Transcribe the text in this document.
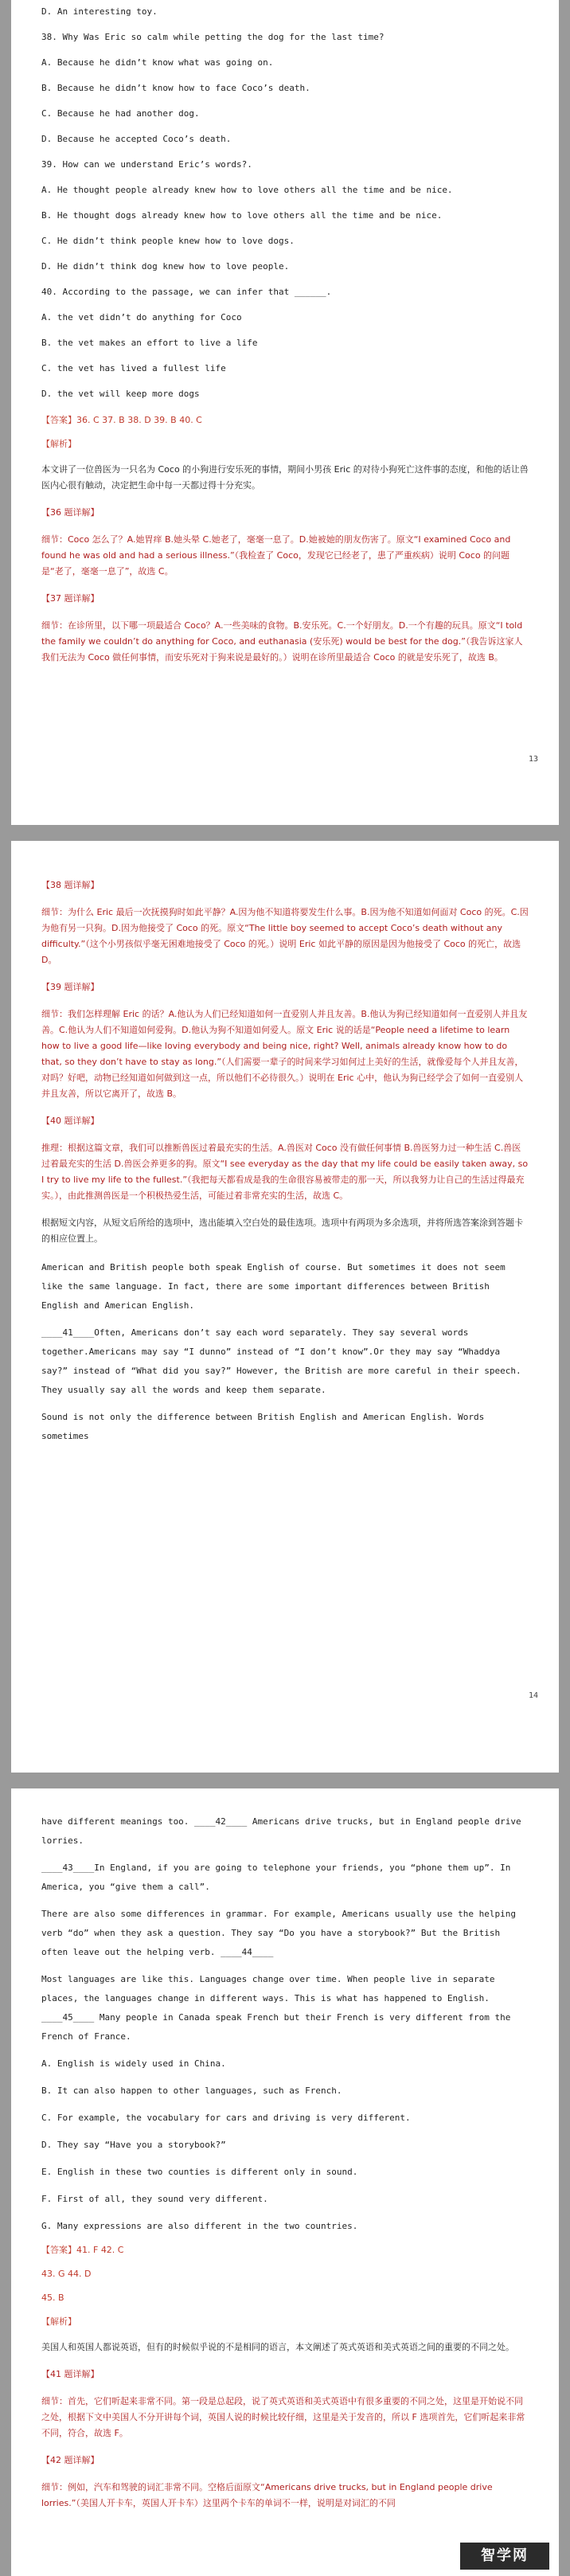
D. An interesting toy.
38. Why Was Eric so calm while petting the dog for the last time?
A. Because he didn’t know what was going on.
B. Because he didn’t know how to face Coco’s death.
C. Because he had another dog.
D. Because he accepted Coco’s death.
39. How can we understand Eric’s words?.
A. He thought people already knew how to love others all the time and be nice.
B. He thought dogs already knew how to love others all the time and be nice.
C. He didn’t think people knew how to love dogs.
D. He didn’t think dog knew how to love people.
40. According to the passage, we can infer that ______.
A. the vet didn’t do anything for Coco
B. the vet makes an effort to live a life
C. the vet has lived a fullest life
D. the vet will keep more dogs
【答案】36. C 37. B 38. D 39. B 40. C
【解析】
本文讲了一位兽医为一只名为 Coco 的小狗进行安乐死的事情，期间小男孩 Eric 的对待小狗死亡这件事的态度，和他的话让兽医内心很有触动，决定把生命中每一天都过得十分充实。
【36 题详解】
细节：Coco 怎么了？A.她胃痒 B.她头晕 C.她老了，毫毫一息了。D.她被她的朋友伤害了。原文“I examined Coco and found he was old and had a serious illness.”（我检查了 Coco，发现它已经老了，患了严重疾病）说明 Coco 的问题是“老了，毫毫一息了”，故选 C。
【37 题详解】
细节：在诊所里，以下哪一项最适合 Coco？A.一些美味的食物。B.安乐死。C.一个好朋友。D.一个有趣的玩具。原文“I told the family we couldn’t do anything for Coco, and euthanasia (安乐死) would be best for the dog.”（我告诉这家人我们无法为 Coco 做任何事情，而安乐死对于狗来说是最好的。）说明在诊所里最适合 Coco 的就是安乐死了，故选 B。
13
【38 题详解】
细节：为什么 Eric 最后一次抚摸狗时如此平静？A.因为他不知道将要发生什么事。B.因为他不知道如何面对 Coco 的死。C.因为他有另一只狗。D.因为他接受了 Coco 的死。原文“The little boy seemed to accept Coco’s death without any difficulty.”（这个小男孩似乎毫无困难地接受了 Coco 的死。）说明 Eric 如此平静的原因是因为他接受了 Coco 的死亡，故选 D。
【39 题详解】
细节：我们怎样理解 Eric 的话？A.他认为人们已经知道如何一直爱别人并且友善。B.他认为狗已经知道如何一直爱别人并且友善。C.他认为人们不知道如何爱狗。D.他认为狗不知道如何爱人。原文 Eric 说的话是“People need a lifetime to learn how to live a good life—like loving everybody and being nice, right? Well, animals already know how to do that, so they don’t have to stay as long.”（人们需要一辈子的时间来学习如何过上美好的生活，就像爱每个人并且友善，对吗？好吧，动物已经知道如何做到这一点，所以他们不必待很久。）说明在 Eric 心中，他认为狗已经学会了如何一直爱别人并且友善，所以它离开了，故选 B。
【40 题详解】
推理：根据这篇文章，我们可以推断兽医过着最充实的生活。A.兽医对 Coco 没有做任何事情 B.兽医努力过一种生活 C.兽医过着最充实的生活 D.兽医会养更多的狗。原文“I see everyday as the day that my life could be easily taken away, so I try to live my life to the fullest.”（我把每天都看成是我的生命很容易被带走的那一天，所以我努力让自己的生活过得最充实。），由此推测兽医是一个积极热爱生活，可能过着非常充实的生活，故选 C。
根据短文内容，从短文后所给的选项中，选出能填入空白处的最佳选项。选项中有两项为多余选项，并将所选答案涂到答题卡的相应位置上。
American and British people both speak English of course. But sometimes it does not seem like the same language. In fact, there are some important differences between British English and American English.
____41____Often, Americans don’t say each word separately. They say several words together.Americans may say “I dunno” instead of “I don’t know”.Or they may say “Whaddya say?” instead of “What did you say?” However, the British are more careful in their speech. They usually say all the words and keep them separate.
Sound is not only the difference between British English and American English. Words sometimes
14
have different meanings too. ____42____ Americans drive trucks, but in England people drive lorries.
____43____In England, if you are going to telephone your friends, you “phone them up”. In America, you “give them a call”.
There are also some differences in grammar. For example, Americans usually use the helping verb “do” when they ask a question. They say “Do you have a storybook?” But the British often leave out the helping verb. ____44____
Most languages are like this. Languages change over time. When people live in separate places, the languages change in different ways. This is what has happened to English. ____45____ Many people in Canada speak French but their French is very different from the French of France.
A. English is widely used in China.
B. It can also happen to other languages, such as French.
C. For example, the vocabulary for cars and driving is very different.
D. They say “Have you a storybook?”
E. English in these two counties is different only in sound.
F. First of all, they sound very different.
G. Many expressions are also different in the two countries.
【答案】41. F 42. C
43. G 44. D
45. B
【解析】
美国人和英国人都说英语，但有的时候似乎说的不是相同的语言，本文阐述了英式英语和美式英语之间的重要的不同之处。
【41 题详解】
细节：首先，它们听起来非常不同。第一段是总起段，说了英式英语和美式英语中有很多重要的不同之处，这里是开始说不同之处，根据下文中美国人不分开讲每个词，英国人说的时候比较仔细，这里是关于发音的，所以 F 选项首先，它们听起来非常不同，符合，故选 F。
【42 题详解】
细节：例如，汽车和驾驶的词汇非常不同。空格后面原文“Americans drive trucks, but in England people drive lorries.”（美国人开卡车，英国人开卡车）这里两个卡车的单词不一样，说明是对词汇的不同
智学网
